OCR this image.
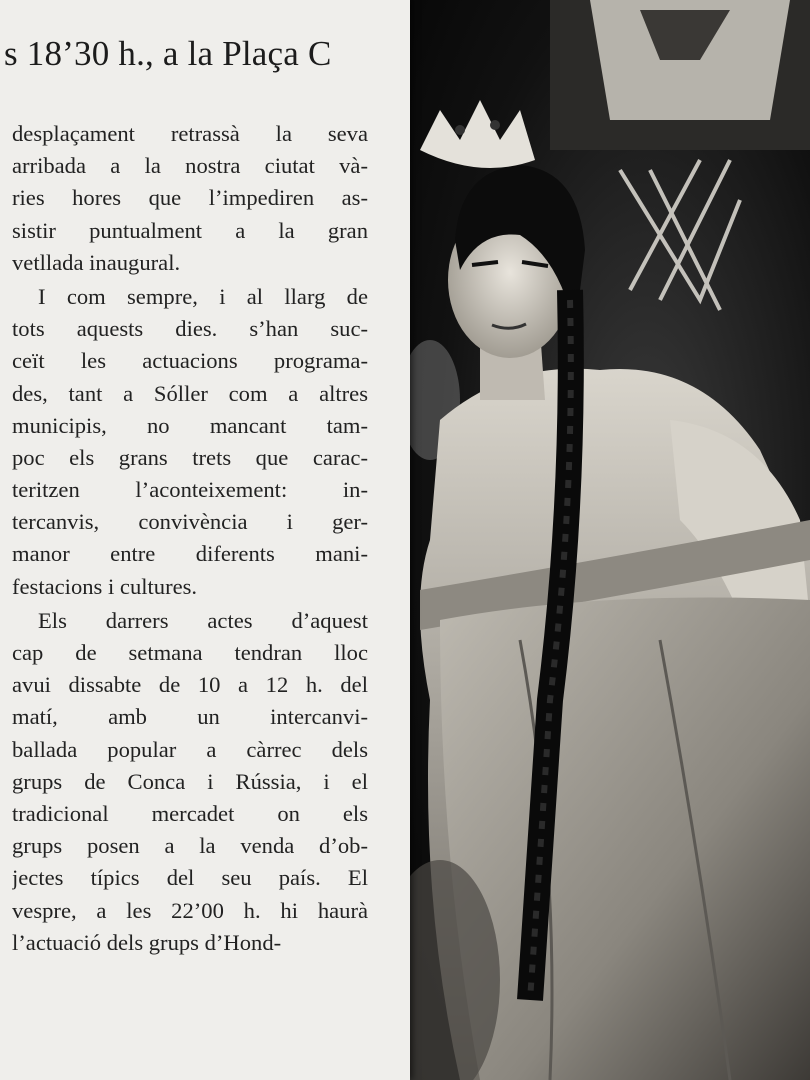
s 18’30 h., a la Plaça C

desplaçament retrassà la seva
arribada a la nostra ciutat và-
ries hores que l’impediren as-
sistir puntualment a la gran
vetllada inaugural.

I com sempre, i al llarg de
tots aquests dies. s’han suc-
ceït les actuacions programa-
des, tant a Sóller com a altres
municipis, no mancant tam-
poc els grans trets que carac-
teritzen l’aconteixement: in-
tercanvis, convivència i ger-
manor entre diferents mani-
festacions i cultures.

Els darrers actes d’aquest
cap de setmana tendran lloc
avui dissabte de 10 a 12 h. del
matí, amb un intercanvi-
ballada popular a càrrec dels
grups de Conca i Rússia, i el
tradicional mercadet on els
grups posen a la venda d’ob-
jectes típics del seu país. El
vespre, a les 22’00 h. hi haurà
l’actuació dels grups d’Hond-
